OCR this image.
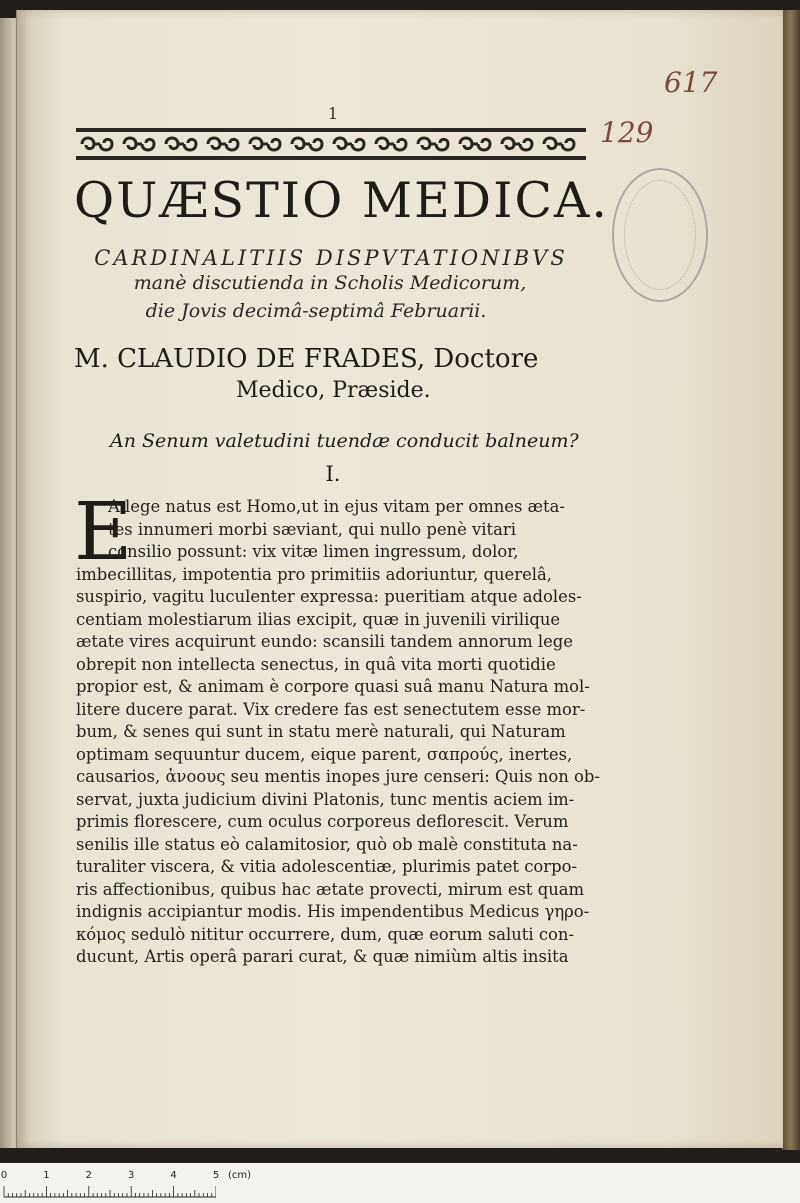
1
617
129
QUÆSTIO MEDICA.
CARDINALITIIS DISPVTATIONIBVS
manè discutienda in Scholis Medicorum,
die Jovis decimâ-septimâ Februarii.
M. CLAUDIO DE FRADES, Doctore
Medico, Præside.
An Senum valetudini tuendæ conducit balneum?
I.
E
A lege natus est Homo,ut in ejus vitam per omnes æta-
tes innumeri morbi sæviant, qui nullo penè vitari
consilio possunt: vix vitæ limen ingressum, dolor,
imbecillitas, impotentia pro primitiis adoriuntur, querelâ,
suspirio, vagitu luculenter expressa: pueritiam atque adoles-
centiam molestiarum ilias excipit, quæ in juvenili virilique
ætate vires acquirunt eundo: scansili tandem annorum lege
obrepit non intellecta senectus, in quâ vita morti quotidie
propior est, & animam è corpore quasi suâ manu Natura mol-
litere ducere parat. Vix credere fas est senectutem esse mor-
bum, & senes qui sunt in statu merè naturali, qui Naturam
optimam sequuntur ducem, eique parent, σαπρούς, inertes,
causarios, ἀνοους seu mentis inopes jure censeri: Quis non ob-
servat, juxta judicium divini Platonis, tunc mentis aciem im-
primis florescere, cum oculus corporeus deflorescit. Verum
senilis ille status eò calamitosior, quò ob malè constituta na-
turaliter viscera, & vitia adolescentiæ, plurimis patet corpo-
ris affectionibus, quibus hac ætate provecti, mirum est quam
indignis accipiantur modis. His impendentibus Medicus γηρο-
κόμος sedulò nititur occurrere, dum, quæ eorum saluti con-
ducunt, Artis operâ parari curat, & quæ nimiùm altis insita
0	1	2	3	4	5 (cm)
